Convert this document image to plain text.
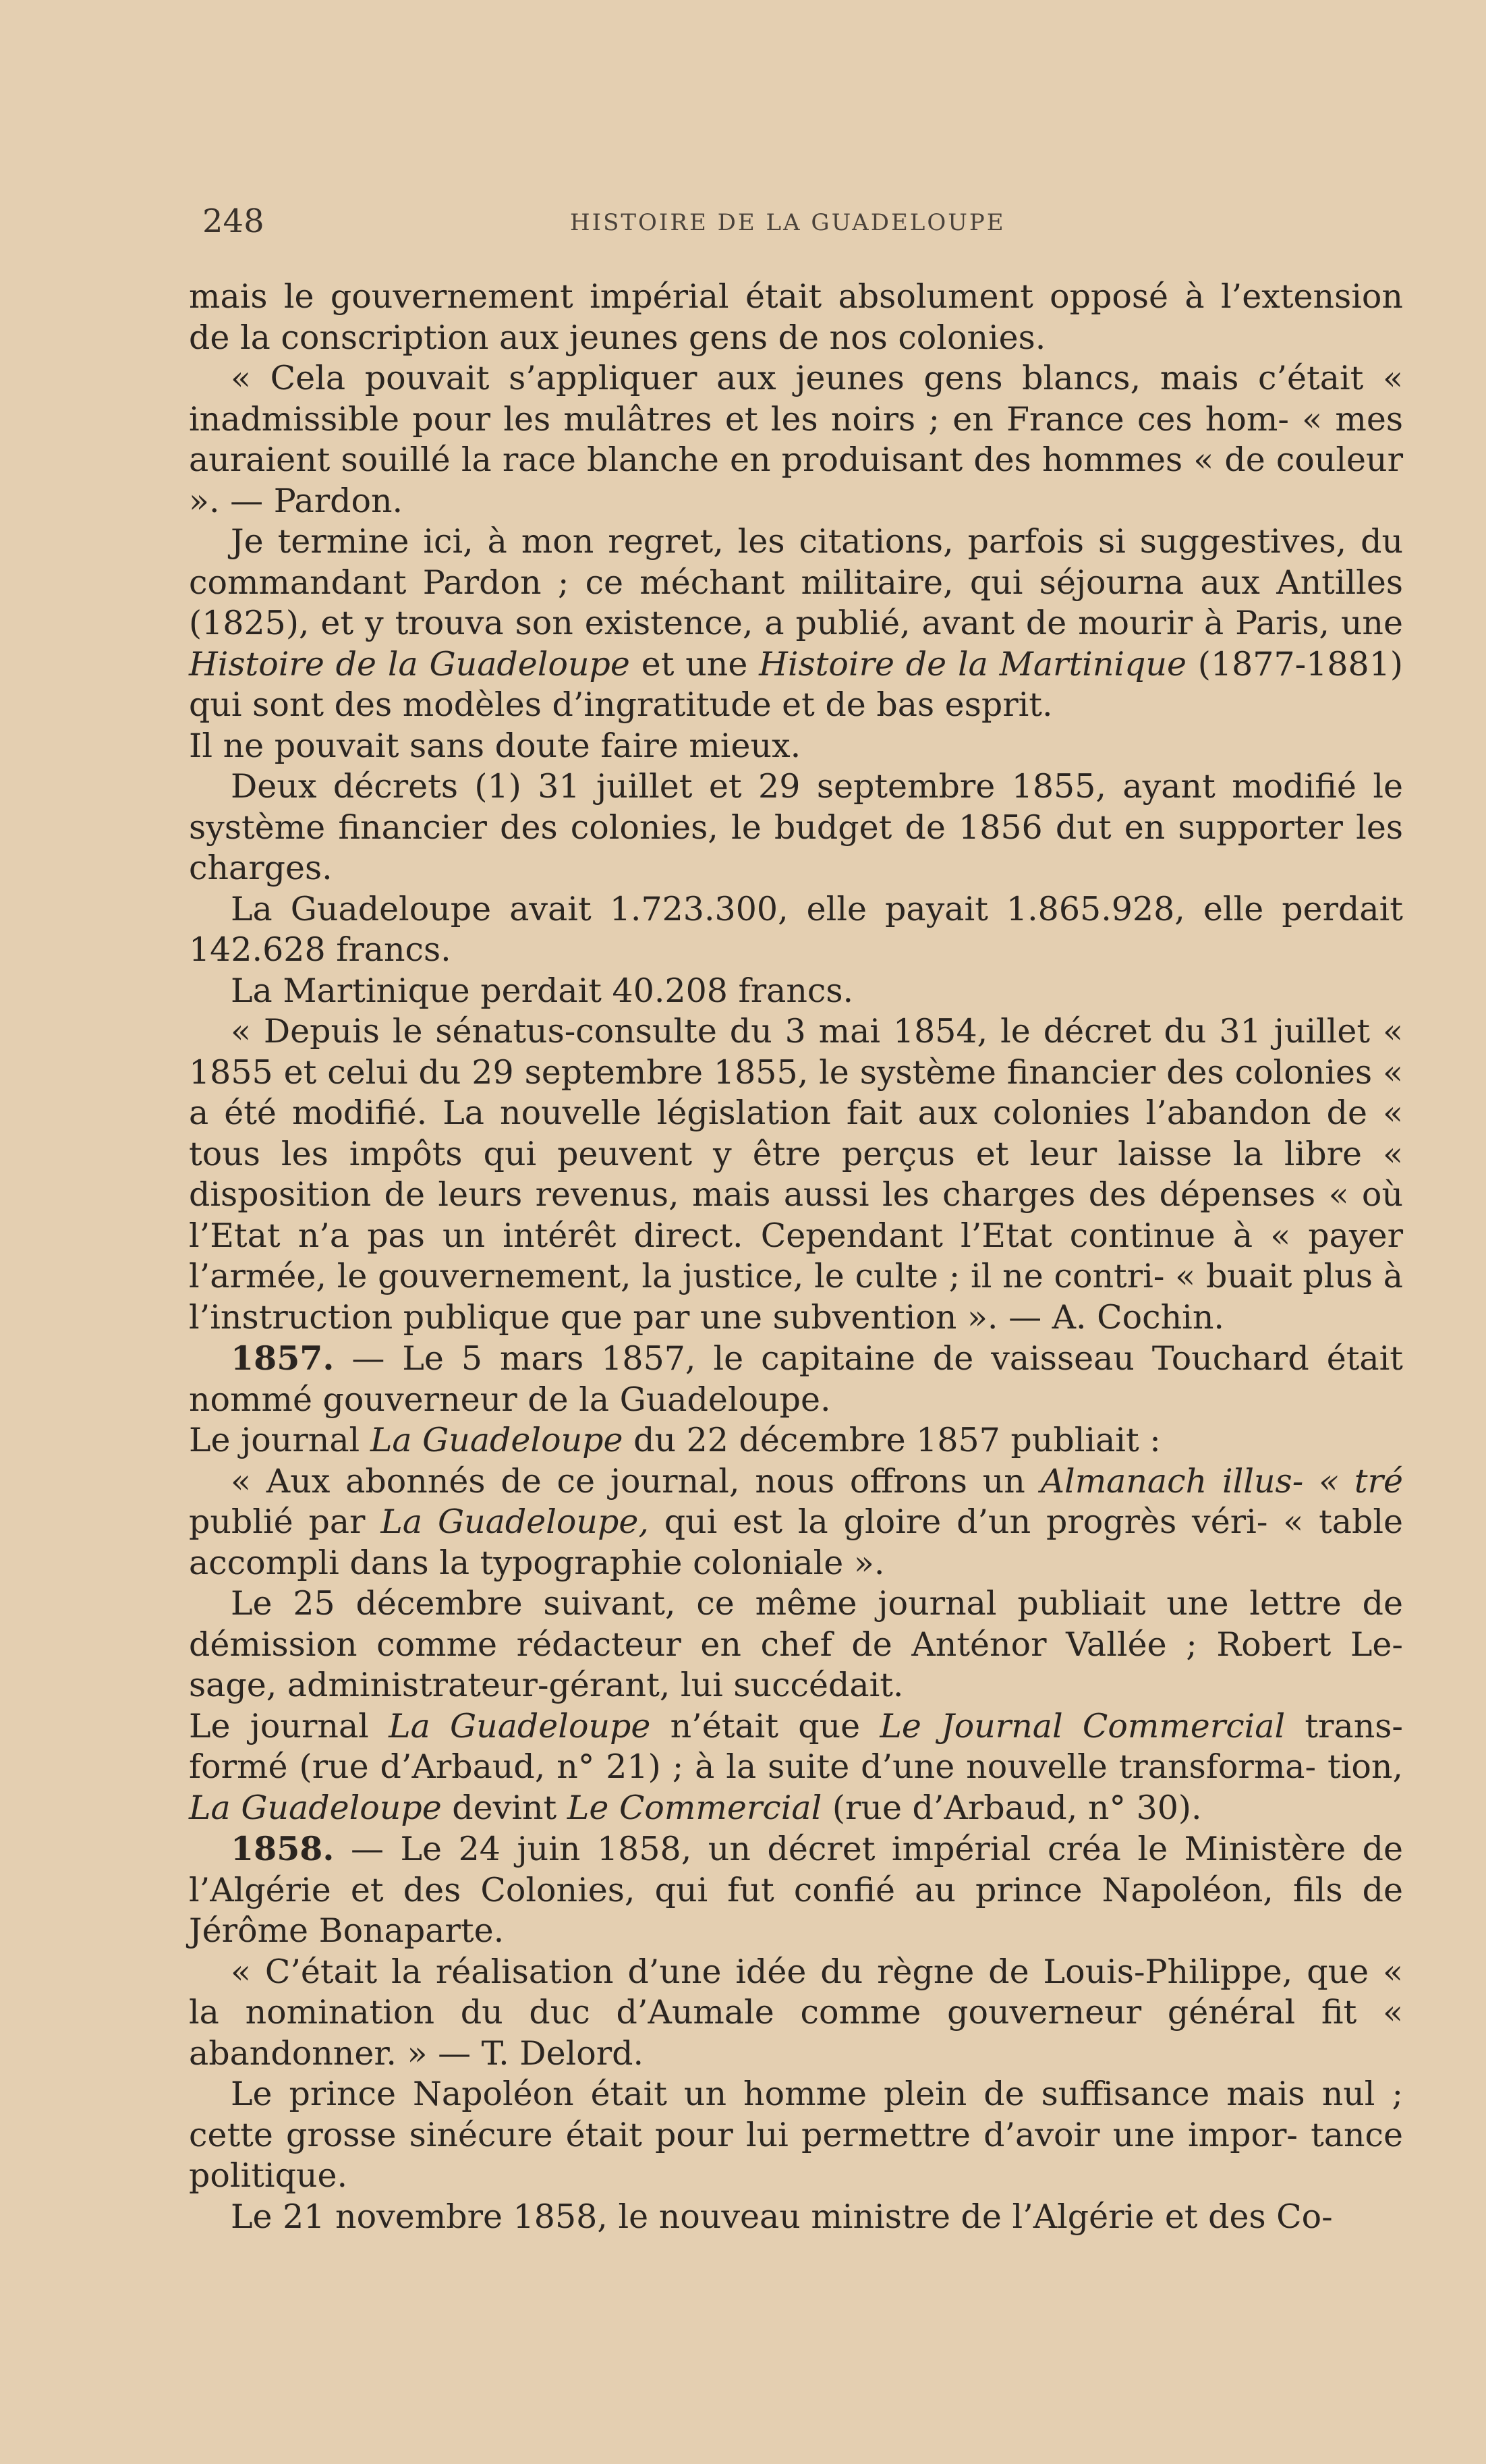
248	HISTOIRE DE LA GUADELOUPE

mais le gouvernement impérial était absolument opposé à l’extension de la conscription aux jeunes gens de nos colonies.

« Cela pouvait s’appliquer aux jeunes gens blancs, mais c’était « inadmissible pour les mulâtres et les noirs ; en France ces hom- « mes auraient souillé la race blanche en produisant des hommes « de couleur ». — Pardon.

Je termine ici, à mon regret, les citations, parfois si suggestives, du commandant Pardon ; ce méchant militaire, qui séjourna aux Antilles (1825), et y trouva son existence, a publié, avant de mourir à Paris, une Histoire de la Guadeloupe et une Histoire de la Martinique (1877-1881) qui sont des modèles d’ingratitude et de bas esprit.

Il ne pouvait sans doute faire mieux.

Deux décrets (1) 31 juillet et 29 septembre 1855, ayant modifié le système financier des colonies, le budget de 1856 dut en supporter les charges.

La Guadeloupe avait 1.723.300, elle payait 1.865.928, elle perdait 142.628 francs.

La Martinique perdait 40.208 francs.

« Depuis le sénatus-consulte du 3 mai 1854, le décret du 31 juillet « 1855 et celui du 29 septembre 1855, le système financier des colonies « a été modifié. La nouvelle législation fait aux colonies l’abandon de « tous les impôts qui peuvent y être perçus et leur laisse la libre « disposition de leurs revenus, mais aussi les charges des dépenses « où l’Etat n’a pas un intérêt direct. Cependant l’Etat continue à « payer l’armée, le gouvernement, la justice, le culte ; il ne contri- « buait plus à l’instruction publique que par une subvention ». — A. Cochin.

1857. — Le 5 mars 1857, le capitaine de vaisseau Touchard était nommé gouverneur de la Guadeloupe.

Le journal La Guadeloupe du 22 décembre 1857 publiait :

« Aux abonnés de ce journal, nous offrons un Almanach illus- « tré publié par La Guadeloupe, qui est la gloire d’un progrès véri- « table accompli dans la typographie coloniale ».

Le 25 décembre suivant, ce même journal publiait une lettre de démission comme rédacteur en chef de Anténor Vallée ; Robert Le- sage, administrateur-gérant, lui succédait.

Le journal La Guadeloupe n’était que Le Journal Commercial trans- formé (rue d’Arbaud, n° 21) ; à la suite d’une nouvelle transforma- tion, La Guadeloupe devint Le Commercial (rue d’Arbaud, n° 30).

1858. — Le 24 juin 1858, un décret impérial créa le Ministère de l’Algérie et des Colonies, qui fut confié au prince Napoléon, fils de Jérôme Bonaparte.

« C’était la réalisation d’une idée du règne de Louis-Philippe, que « la nomination du duc d’Aumale comme gouverneur général fit « abandonner. » — T. Delord.

Le prince Napoléon était un homme plein de suffisance mais nul ; cette grosse sinécure était pour lui permettre d’avoir une impor- tance politique.

Le 21 novembre 1858, le nouveau ministre de l’Algérie et des Co-
